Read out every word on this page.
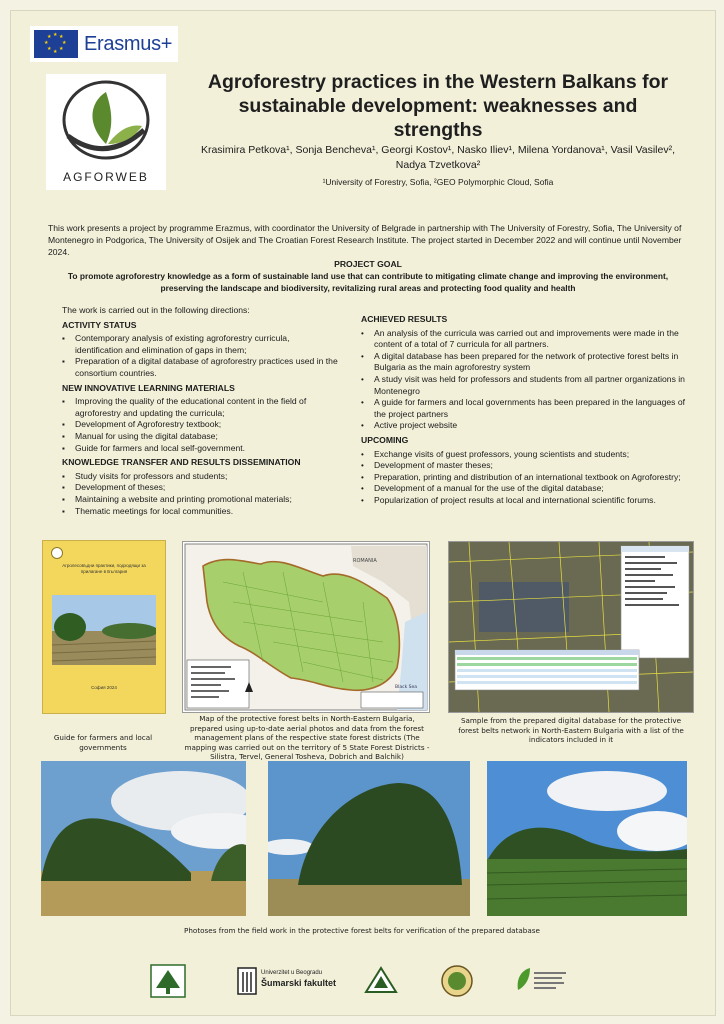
★ ★
★
★
★
★
★
★ Erasmus+
AGFORWEB
Agroforestry practices in the Western Balkans for
sustainable development: weaknesses and strengths
Krasimira Petkova¹, Sonja Bencheva¹, Georgi Kostov¹, Nasko Iliev¹, Milena Yordanova¹, Vasil Vasilev²,
Nadya Tzvetkova²
¹University of Forestry, Sofia, ²GEO Polymorphic Cloud, Sofia
This work presents a project by programme Erazmus, with coordinator the University of Belgrade in partnership with The University of Forestry, Sofia, The University of Montenegro in Podgorica, The University of Osijek and The Croatian Forest Research Institute. The project started in December 2022 and will continue until November 2024.
PROJECT GOAL
To promote agroforestry knowledge as a form of sustainable land use that can contribute to mitigating climate change and improving the environment, preserving the landscape and biodiversity, revitalizing rural areas and protecting food quality and health
The work is carried out in the following directions:
ACTIVITY STATUS
▪ Contemporary analysis of existing agroforestry curricula, identification and elimination of gaps in them;
▪ Preparation of a digital database of agroforestry practices used in the consortium countries.
NEW INNOVATIVE LEARNING MATERIALS
▪ Improving the quality of the educational content in the field of agroforestry and updating the curricula;
▪ Development of Agroforestry textbook;
▪ Manual for using the digital database;
▪ Guide for farmers and local self-government.
KNOWLEDGE TRANSFER AND RESULTS DISSEMINATION
▪ Study visits for professors and students;
▪ Development of theses;
▪ Maintaining a website and printing promotional materials;
▪ Thematic meetings for local communities.
ACHIEVED RESULTS
• An analysis of the curricula was carried out and improvements were made in the content of a total of 7 curricula for all partners.
• A digital database has been prepared for the network of protective forest belts in Bulgaria as the main agroforestry system
• A study visit was held for professors and students from all partner organizations in Montenegro
• A guide for farmers and local governments has been prepared in the languages of the project partners
• Active project website
UPCOMING
• Exchange visits of guest professors, young scientists and students;
• Development of master theses;
• Preparation, printing and distribution of an international textbook on Agroforestry;
• Development of a manual for the use of the digital database;
• Popularization of project results at local and international scientific forums.
Агролесовъдни практики, подходящи за прилагане в България
София 2024
Guide for farmers and local governments
ROMANIA
Black Sea
Map of the protective forest belts in North-Eastern Bulgaria, prepared using up-to-date aerial photos and data from the forest management plans of the respective state forest districts (The mapping was carried out on the territory of 5 State Forest Districts - Silistra, Tervel, General Tosheva, Dobrich and Balchik)
Sample from the prepared digital database for the protective forest belts network in North-Eastern Bulgaria with a list of the indicators included in it
Photoses from the field work in the protective forest belts for verification of the prepared database
Univerzitet u Beogradu
Šumarski fakultet
